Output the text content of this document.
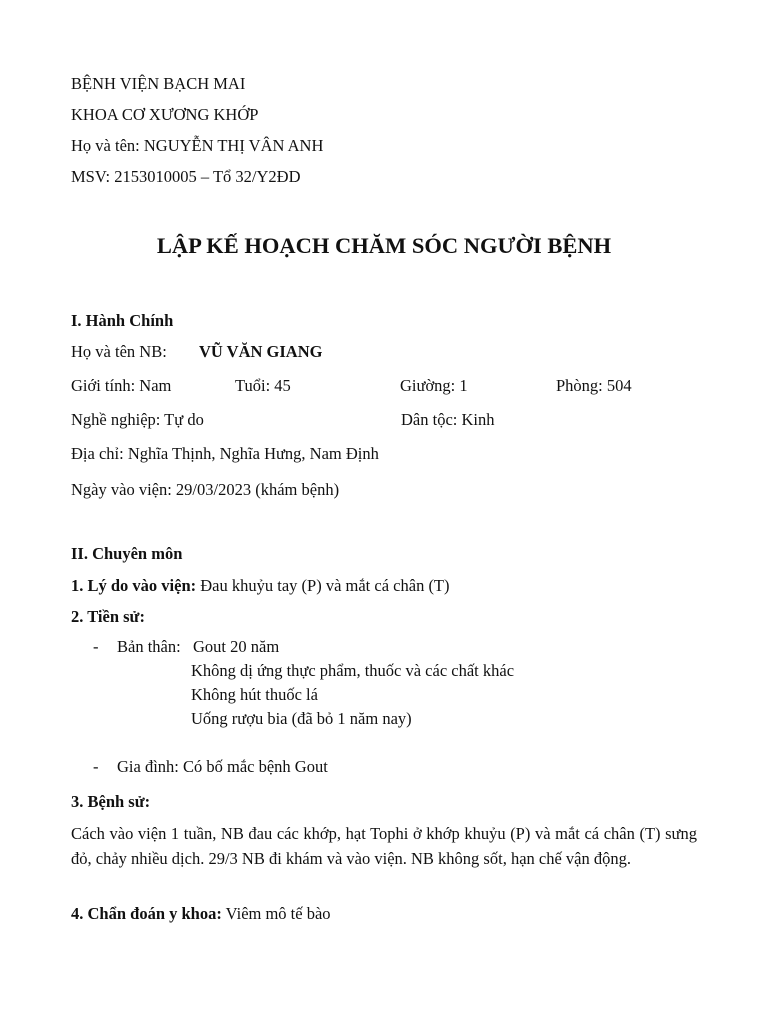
BỆNH VIỆN BẠCH MAI
KHOA CƠ XƯƠNG KHỚP
Họ và tên: NGUYỄN THỊ VÂN ANH
MSV: 2153010005 – Tổ 32/Y2ĐD
LẬP KẾ HOẠCH CHĂM SÓC NGƯỜI BỆNH
I. Hành Chính
Họ và tên NB: VŨ VĂN GIANG
Giới tính: Nam	Tuổi: 45	Giường: 1	Phòng: 504
Nghề nghiệp: Tự do	Dân tộc: Kinh
Địa chỉ: Nghĩa Thịnh, Nghĩa Hưng, Nam Định
Ngày vào viện: 29/03/2023 (khám bệnh)
II. Chuyên môn
1. Lý do vào viện: Đau khuỷu tay (P) và mắt cá chân (T)
2. Tiền sử:
- Bản thân: Gout 20 năm
Không dị ứng thực phẩm, thuốc và các chất khác
Không hút thuốc lá
Uống rượu bia (đã bỏ 1 năm nay)
- Gia đình: Có bố mắc bệnh Gout
3. Bệnh sử:
Cách vào viện 1 tuần, NB đau các khớp, hạt Tophi ở khớp khuỷu (P) và mắt cá chân (T) sưng đỏ, chảy nhiều dịch. 29/3 NB đi khám và vào viện. NB không sốt, hạn chế vận động.
4. Chẩn đoán y khoa: Viêm mô tế bào
